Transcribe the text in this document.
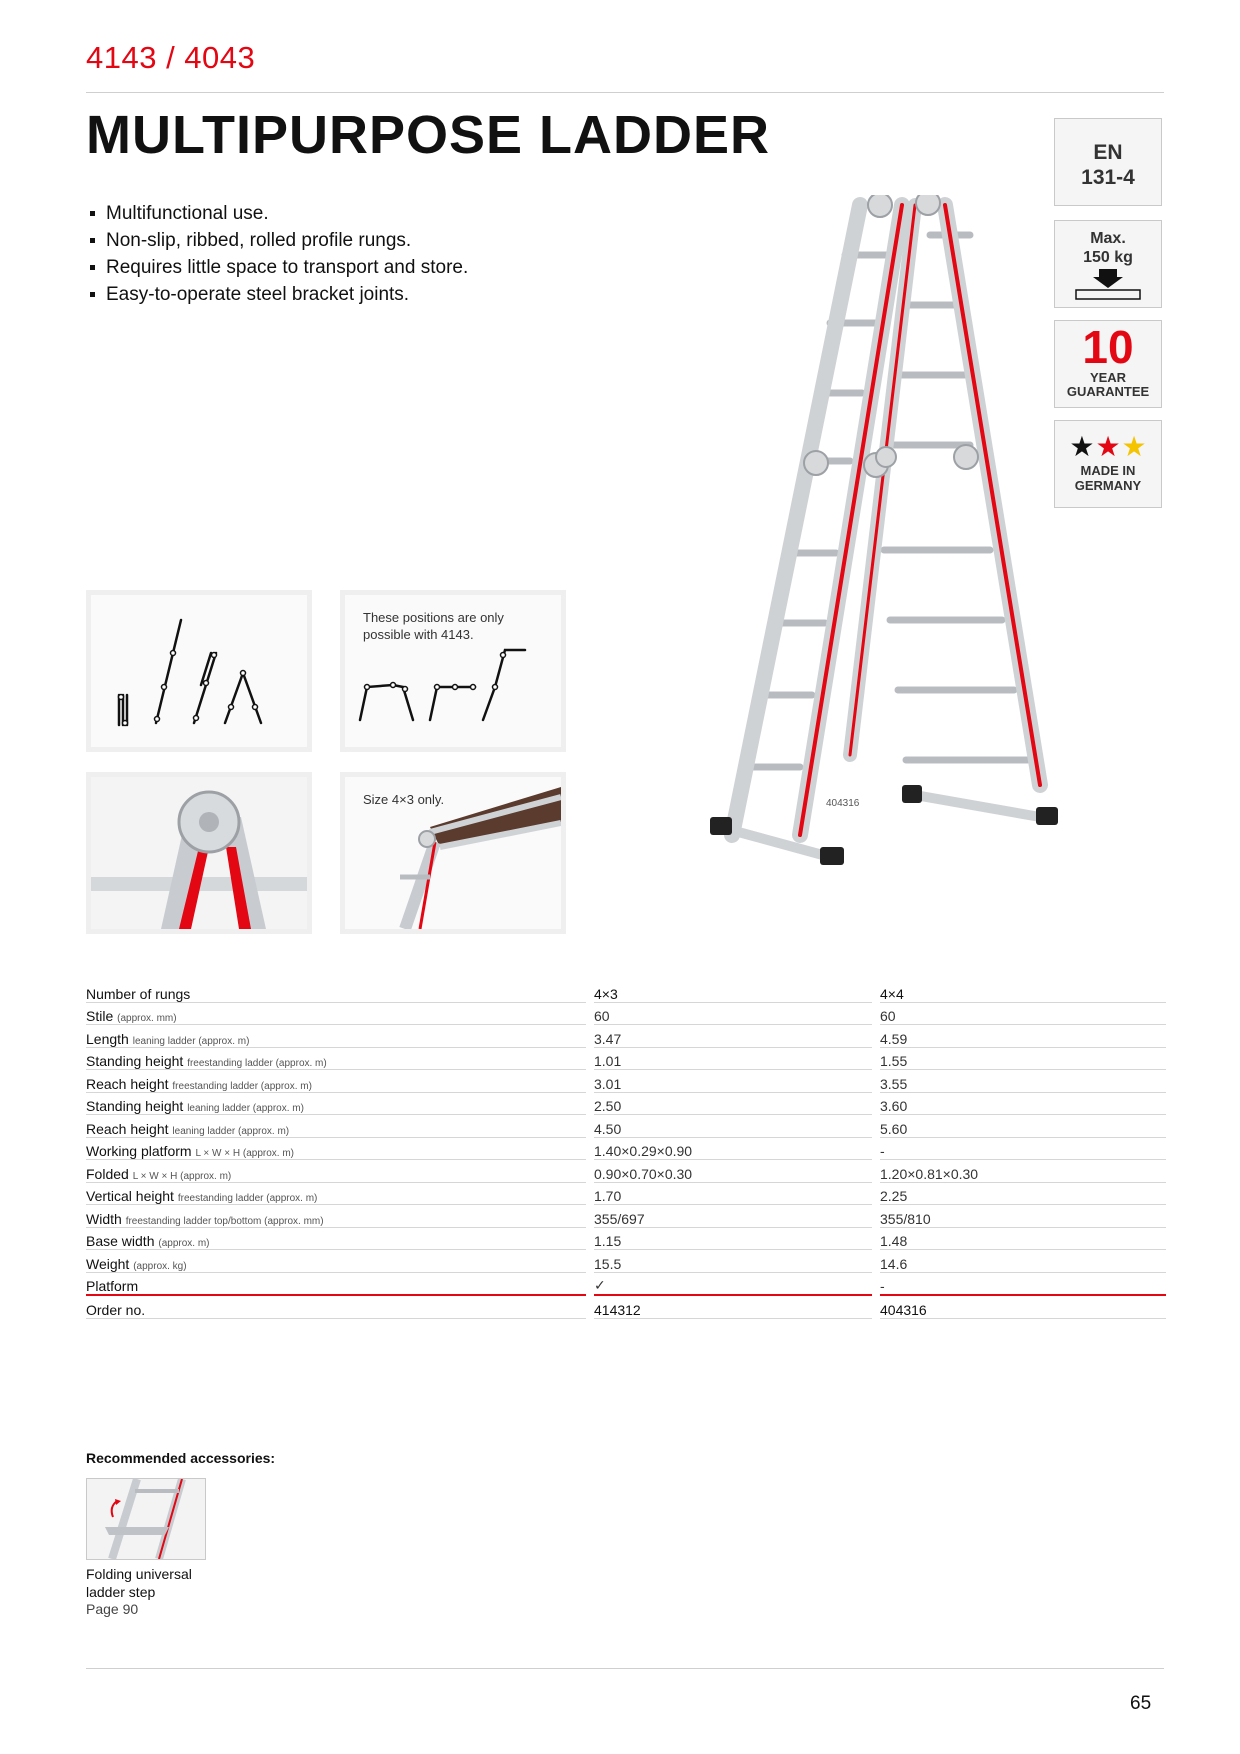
4143 / 4043
MULTIPURPOSE LADDER
Multifunctional use.
Non-slip, ribbed, rolled profile rungs.
Requires little space to transport and store.
Easy-to-operate steel bracket joints.
EN
131-4
Max.
150 kg
10
YEAR
GUARANTEE
★ ★ ★
MADE IN
GERMANY
404316
These positions are only possible with 4143.
Size 4×3 only.
Number of rungs		4×3		4×4
Stile (approx. mm)		60		60
Length leaning ladder (approx. m)		3.47		4.59
Standing height freestanding ladder (approx. m)		1.01		1.55
Reach height freestanding ladder (approx. m)		3.01		3.55
Standing height leaning ladder (approx. m)		2.50		3.60
Reach height leaning ladder (approx. m)		4.50		5.60
Working platform L × W × H (approx. m)		1.40×0.29×0.90		-
Folded L × W × H (approx. m)		0.90×0.70×0.30		1.20×0.81×0.30
Vertical height freestanding ladder (approx. m)		1.70		2.25
Width freestanding ladder top/bottom (approx. mm)		355/697		355/810
Base width (approx. m)		1.15		1.48
Weight (approx. kg)		15.5		14.6
Platform		✓		-
Order no.		414312		404316
Recommended accessories:
Folding universal ladder step
Page 90
65
